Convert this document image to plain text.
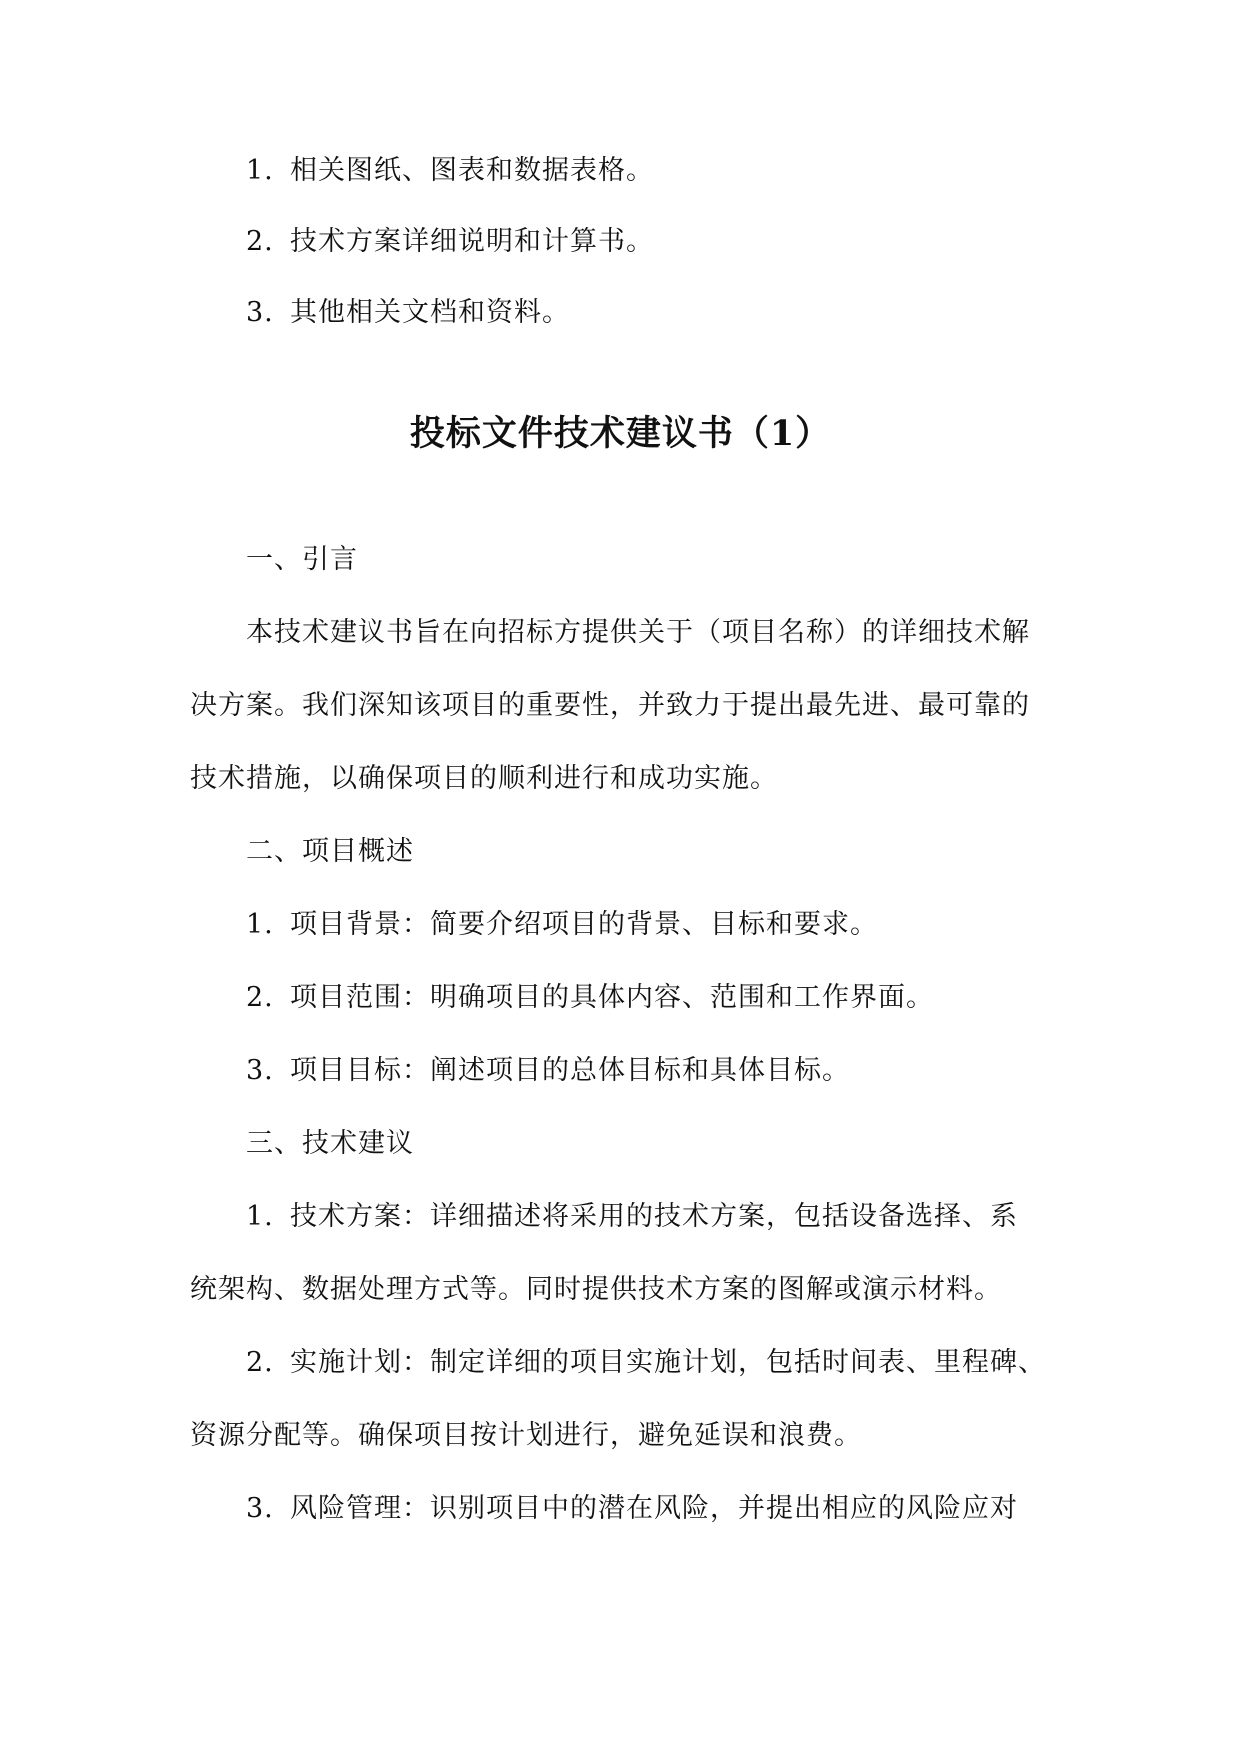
1. 相关图纸、图表和数据表格。
2. 技术方案详细说明和计算书。
3. 其他相关文档和资料。
投标文件技术建议书（1）
一、引言
本技术建议书旨在向招标方提供关于（项目名称）的详细技术解
决方案。我们深知该项目的重要性，并致力于提出最先进、最可靠的
技术措施，以确保项目的顺利进行和成功实施。
二、项目概述
1. 项目背景：简要介绍项目的背景、目标和要求。
2. 项目范围：明确项目的具体内容、范围和工作界面。
3. 项目目标：阐述项目的总体目标和具体目标。
三、技术建议
1. 技术方案：详细描述将采用的技术方案，包括设备选择、系
统架构、数据处理方式等。同时提供技术方案的图解或演示材料。
2. 实施计划：制定详细的项目实施计划，包括时间表、里程碑、
资源分配等。确保项目按计划进行，避免延误和浪费。
3. 风险管理：识别项目中的潜在风险，并提出相应的风险应对
